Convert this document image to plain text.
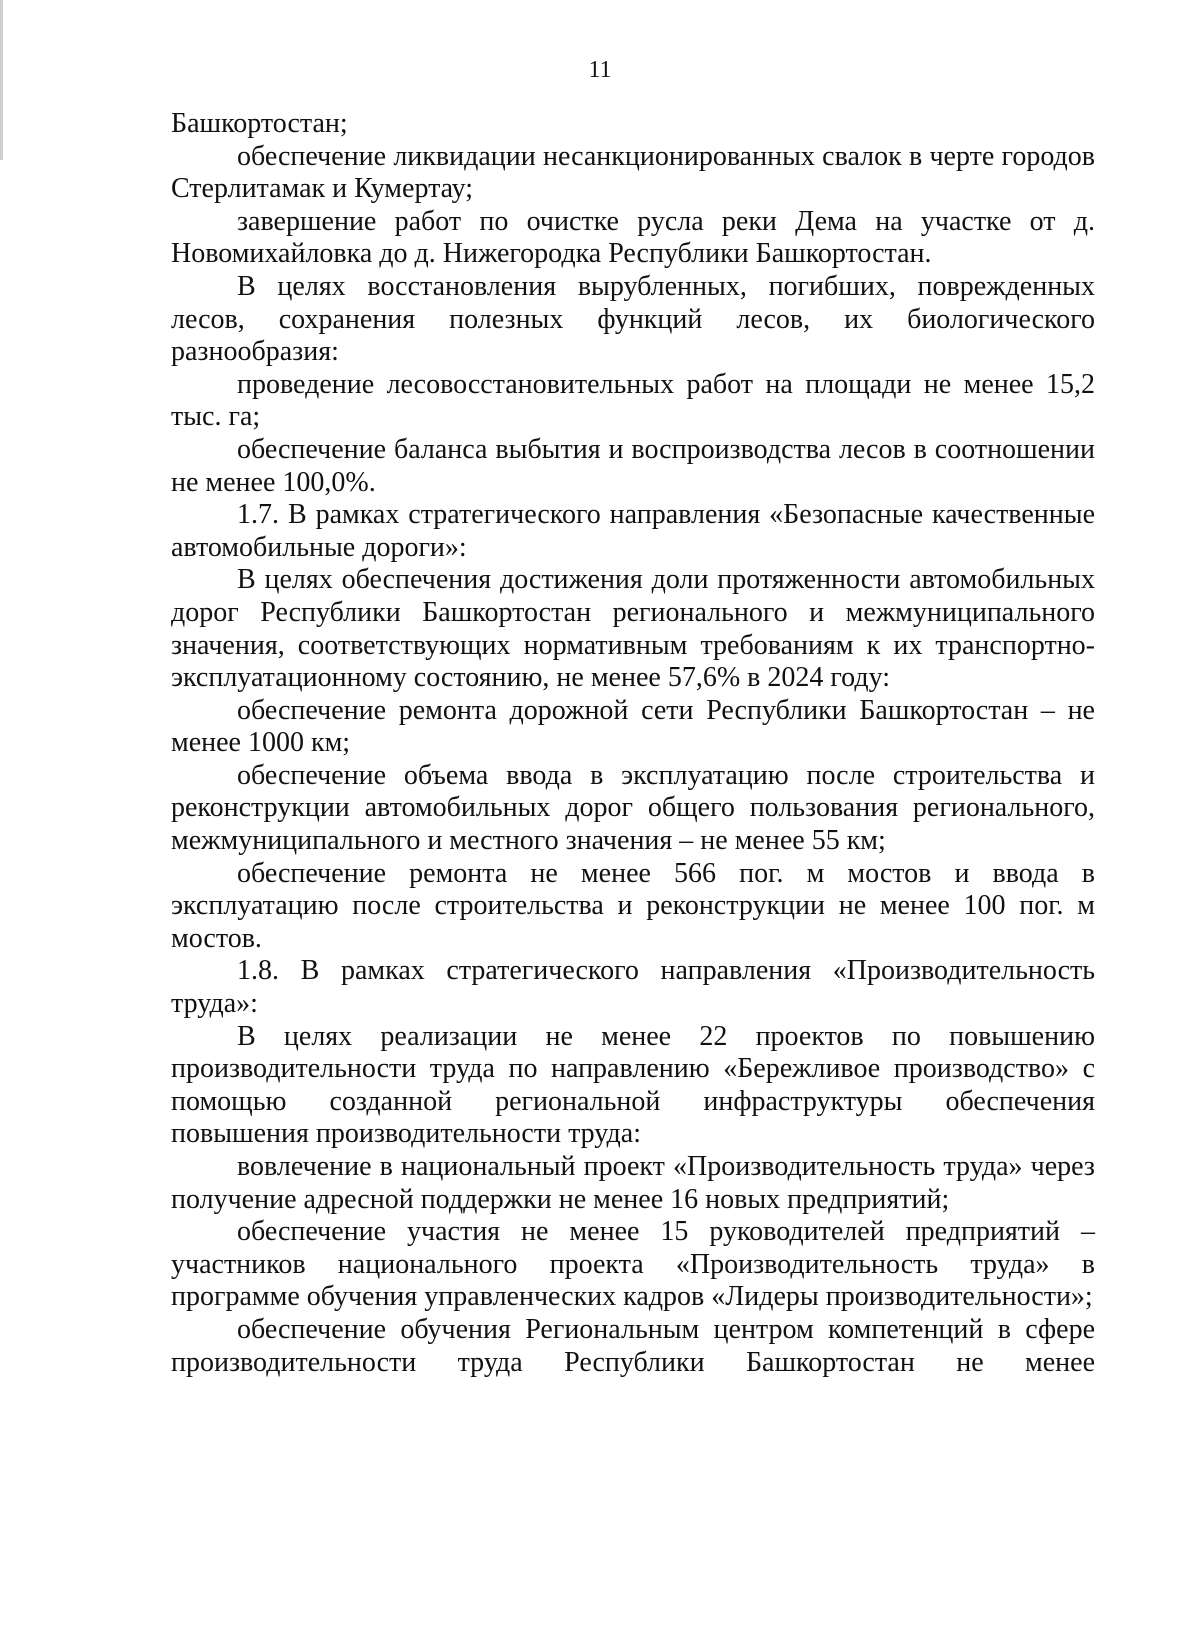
11

Башкортостан;

обеспечение ликвидации несанкционированных свалок в черте городов Стерлитамак и Кумертау;

завершение работ по очистке русла реки Дема на участке от д. Новомихайловка до д. Нижегородка Республики Башкортостан.

В целях восстановления вырубленных, погибших, поврежденных лесов, сохранения полезных функций лесов, их биологического разнообразия:

проведение лесовосстановительных работ на площади не менее 15,2 тыс. га;

обеспечение баланса выбытия и воспроизводства лесов в соотношении не менее 100,0%.

1.7. В рамках стратегического направления «Безопасные качественные автомобильные дороги»:

В целях обеспечения достижения доли протяженности автомобильных дорог Республики Башкортостан регионального и межмуниципального значения, соответствующих нормативным требованиям к их транспортно-эксплуатационному состоянию, не менее 57,6% в 2024 году:

обеспечение ремонта дорожной сети Республики Башкортостан – не менее 1000 км;

обеспечение объема ввода в эксплуатацию после строительства и реконструкции автомобильных дорог общего пользования регионального, межмуниципального и местного значения – не менее 55 км;

обеспечение ремонта не менее 566 пог. м мостов и ввода в эксплуатацию после строительства и реконструкции не менее 100 пог. м мостов.

1.8. В рамках стратегического направления «Производительность труда»:

В целях реализации не менее 22 проектов по повышению производительности труда по направлению «Бережливое производство» с помощью созданной региональной инфраструктуры обеспечения повышения производительности труда:

вовлечение в национальный проект «Производительность труда» через получение адресной поддержки не менее 16 новых предприятий;

обеспечение участия не менее 15 руководителей предприятий – участников национального проекта «Производительность труда» в программе обучения управленческих кадров «Лидеры производительности»;

обеспечение обучения Региональным центром компетенций в сфере производительности труда Республики Башкортостан не менее
